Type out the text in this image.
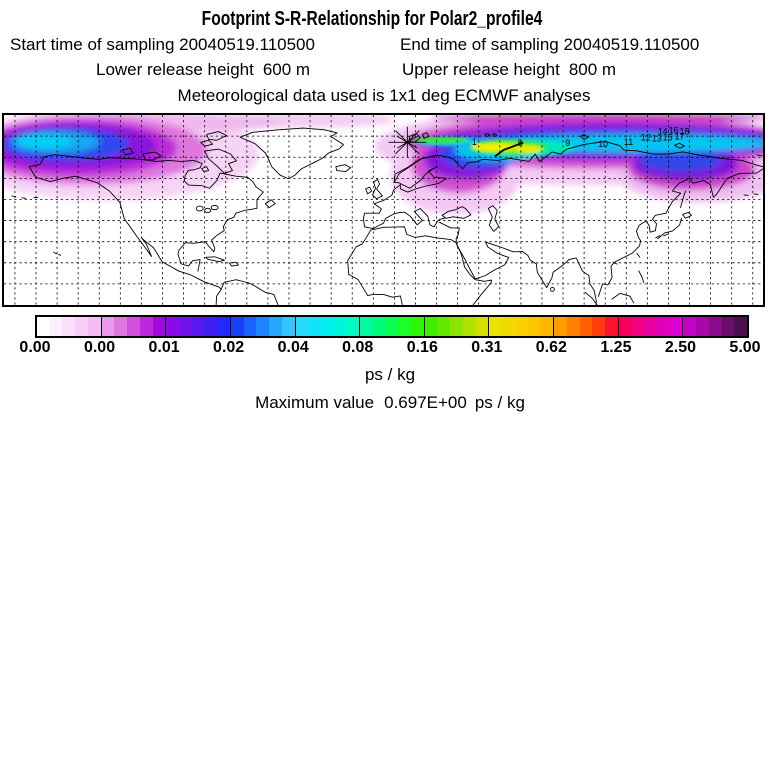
Footprint S-R-Relationship for Polar2_profile4
Start time of sampling 20040519.110500	End time of sampling 20040519.110500
Lower release height 600 m	Upper release height 800 m
Meteorological data used is 1x1 deg ECMWF analyses
1	8	9	10 11 12 13
14
15
16
17
18
0.00 0.00 0.01 0.02 0.04 0.08 0.16 0.31 0.62 1.25 2.50 5.00
ps / kg
Maximum value 0.697E+00 ps / kg
